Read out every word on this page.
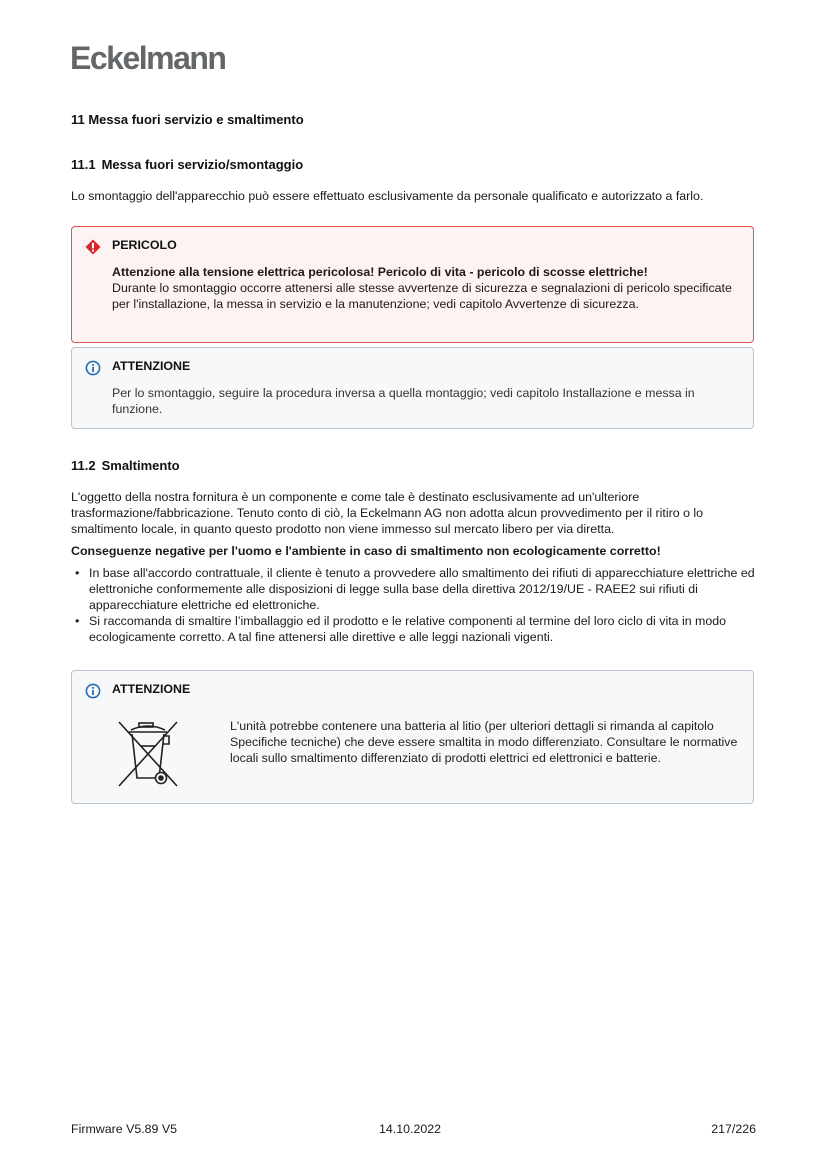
Eckelmann
11 Messa fuori servizio e smaltimento
11.1 Messa fuori servizio/smontaggio
Lo smontaggio dell'apparecchio può essere effettuato esclusivamente da personale qualificato e autorizzato a farlo.
PERICOLO
Attenzione alla tensione elettrica pericolosa! Pericolo di vita - pericolo di scosse elettriche!
Durante lo smontaggio occorre attenersi alle stesse avvertenze di sicurezza e segnalazioni di pericolo specificate per l'installazione, la messa in servizio e la manutenzione; vedi capitolo Avvertenze di sicurezza.
ATTENZIONE
Per lo smontaggio, seguire la procedura inversa a quella montaggio; vedi capitolo Installazione e messa in funzione.
11.2 Smaltimento
L'oggetto della nostra fornitura è un componente e come tale è destinato esclusivamente ad un'ulteriore trasformazione/fabbricazione. Tenuto conto di ciò, la Eckelmann AG non adotta alcun provvedimento per il ritiro o lo smaltimento locale, in quanto questo prodotto non viene immesso sul mercato libero per via diretta.
Conseguenze negative per l'uomo e l'ambiente in caso di smaltimento non ecologicamente corretto!
• In base all'accordo contrattuale, il cliente è tenuto a provvedere allo smaltimento dei rifiuti di apparecchiature elettriche ed elettroniche conformemente alle disposizioni di legge sulla base della direttiva 2012/19/UE - RAEE2 sui rifiuti di apparecchiature elettriche ed elettroniche.
• Si raccomanda di smaltire l’imballaggio ed il prodotto e le relative componenti al termine del loro ciclo di vita in modo ecologicamente corretto. A tal fine attenersi alle direttive e alle leggi nazionali vigenti.
ATTENZIONE
L'unità potrebbe contenere una batteria al litio (per ulteriori dettagli si rimanda al capitolo Specifiche tecniche) che deve essere smaltita in modo differenziato. Consultare le normative locali sullo smaltimento differenziato di prodotti elettrici ed elettronici e batterie.
Firmware V5.89 V5	14.10.2022	217/226
